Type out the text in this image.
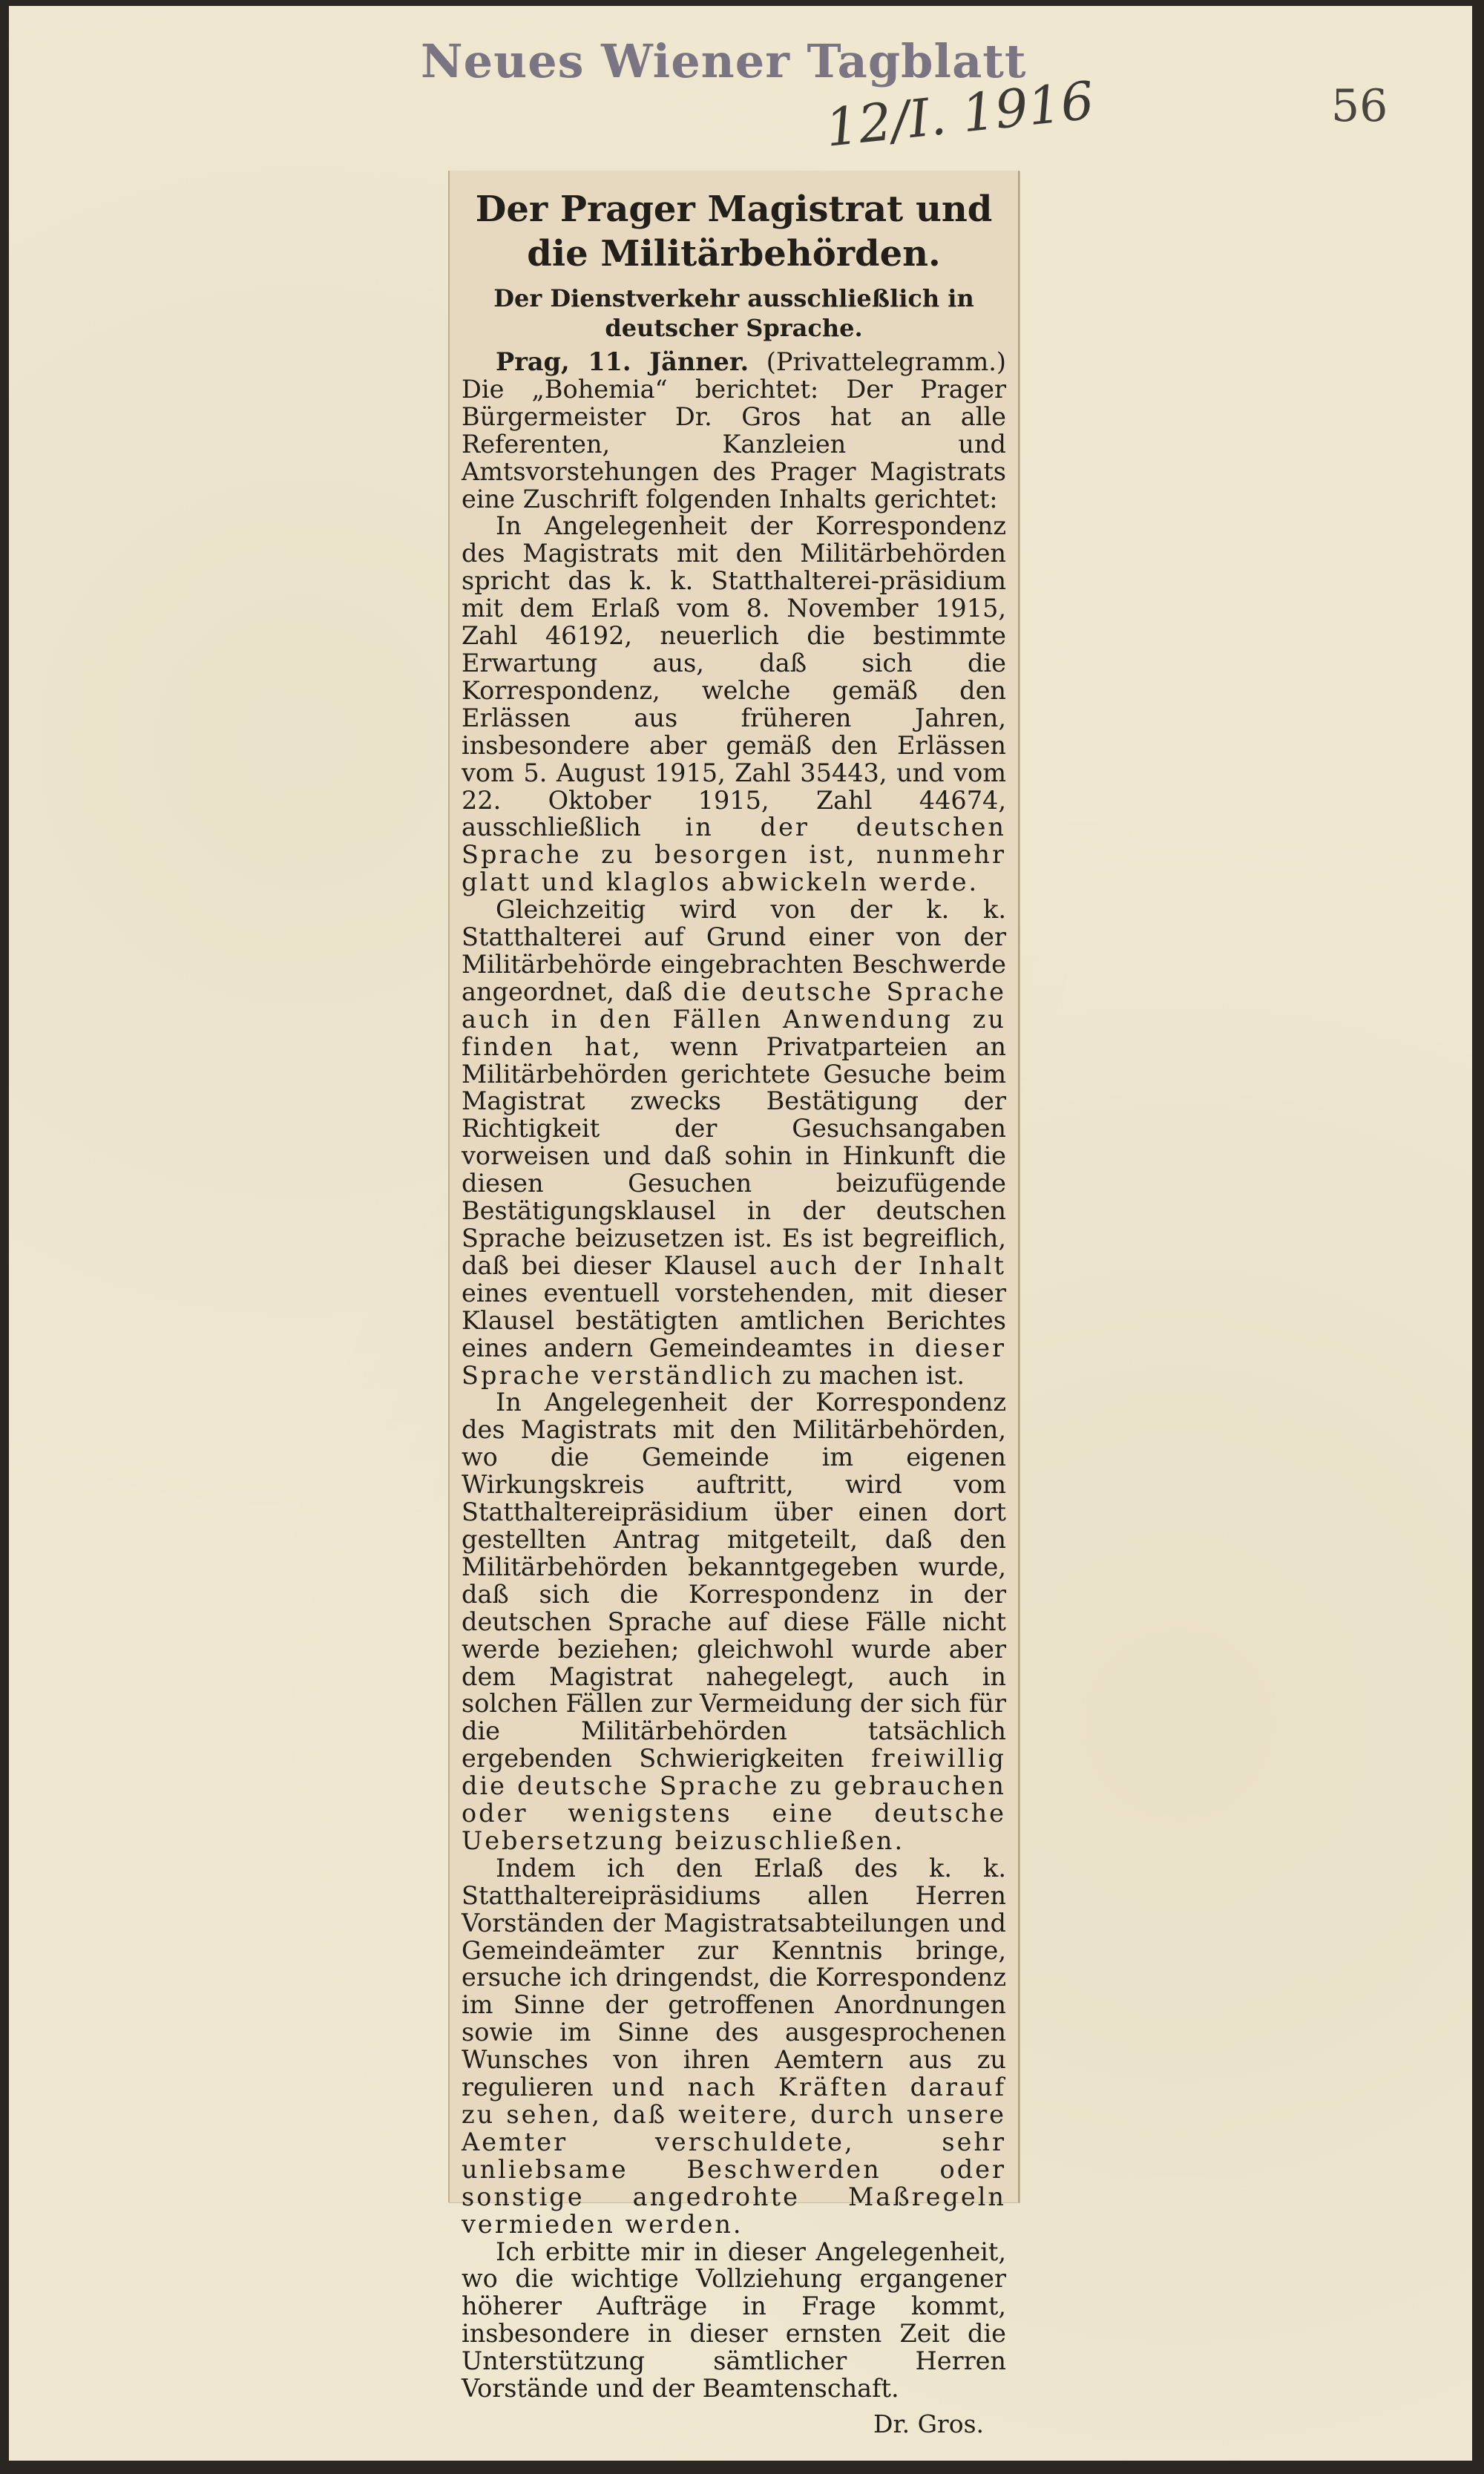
Neues Wiener Tagblatt
12/I. 1916	56
Der Prager Magistrat und die Militärbehörden.
Der Dienstverkehr ausschließlich in deutscher Sprache.

Prag, 11. Jänner. (Privattelegramm.) Die „Bohemia“ berichtet: Der Prager Bürgermeister Dr. Gros hat an alle Referenten, Kanzleien und Amtsvorstehungen des Prager Magistrats eine Zuschrift folgenden Inhalts gerichtet:

In Angelegenheit der Korrespondenz des Magistrats mit den Militärbehörden spricht das k. k. Statthalterei-präsidium mit dem Erlaß vom 8. November 1915, Zahl 46192, neuerlich die bestimmte Erwartung aus, daß sich die Korrespondenz, welche gemäß den Erlässen aus früheren Jahren, insbesondere aber gemäß den Erlässen vom 5. August 1915, Zahl 35443, und vom 22. Oktober 1915, Zahl 44674, ausschließlich in der deutschen Sprache zu besorgen ist, nunmehr glatt und klaglos abwickeln werde.

Gleichzeitig wird von der k. k. Statthalterei auf Grund einer von der Militärbehörde eingebrachten Beschwerde angeordnet, daß die deutsche Sprache auch in den Fällen Anwendung zu finden hat, wenn Privatparteien an Militärbehörden gerichtete Gesuche beim Magistrat zwecks Bestätigung der Richtigkeit der Gesuchsangaben vorweisen und daß sohin in Hinkunft die diesen Gesuchen beizufügende Bestätigungsklausel in der deutschen Sprache beizusetzen ist. Es ist begreiflich, daß bei dieser Klausel auch der Inhalt eines eventuell vorstehenden, mit dieser Klausel bestätigten amtlichen Berichtes eines andern Gemeindeamtes in dieser Sprache verständlich zu machen ist.

In Angelegenheit der Korrespondenz des Magistrats mit den Militärbehörden, wo die Gemeinde im eigenen Wirkungskreis auftritt, wird vom Statthaltereipräsidium über einen dort gestellten Antrag mitgeteilt, daß den Militärbehörden bekanntgegeben wurde, daß sich die Korrespondenz in der deutschen Sprache auf diese Fälle nicht werde beziehen; gleichwohl wurde aber dem Magistrat nahegelegt, auch in solchen Fällen zur Vermeidung der sich für die Militärbehörden tatsächlich ergebenden Schwierigkeiten freiwillig die deutsche Sprache zu gebrauchen oder wenigstens eine deutsche Uebersetzung beizuschließen.

Indem ich den Erlaß des k. k. Statthaltereipräsidiums allen Herren Vorständen der Magistratsabteilungen und Gemeindeämter zur Kenntnis bringe, ersuche ich dringendst, die Korrespondenz im Sinne der getroffenen Anordnungen sowie im Sinne des ausgesprochenen Wunsches von ihren Aemtern aus zu regulieren und nach Kräften darauf zu sehen, daß weitere, durch unsere Aemter verschuldete, sehr unliebsame Beschwerden oder sonstige angedrohte Maßregeln vermieden werden.

Ich erbitte mir in dieser Angelegenheit, wo die wichtige Vollziehung ergangener höherer Aufträge in Frage kommt, insbesondere in dieser ernsten Zeit die Unterstützung sämtlicher Herren Vorstände und der Beamtenschaft.

Dr. Gros.
